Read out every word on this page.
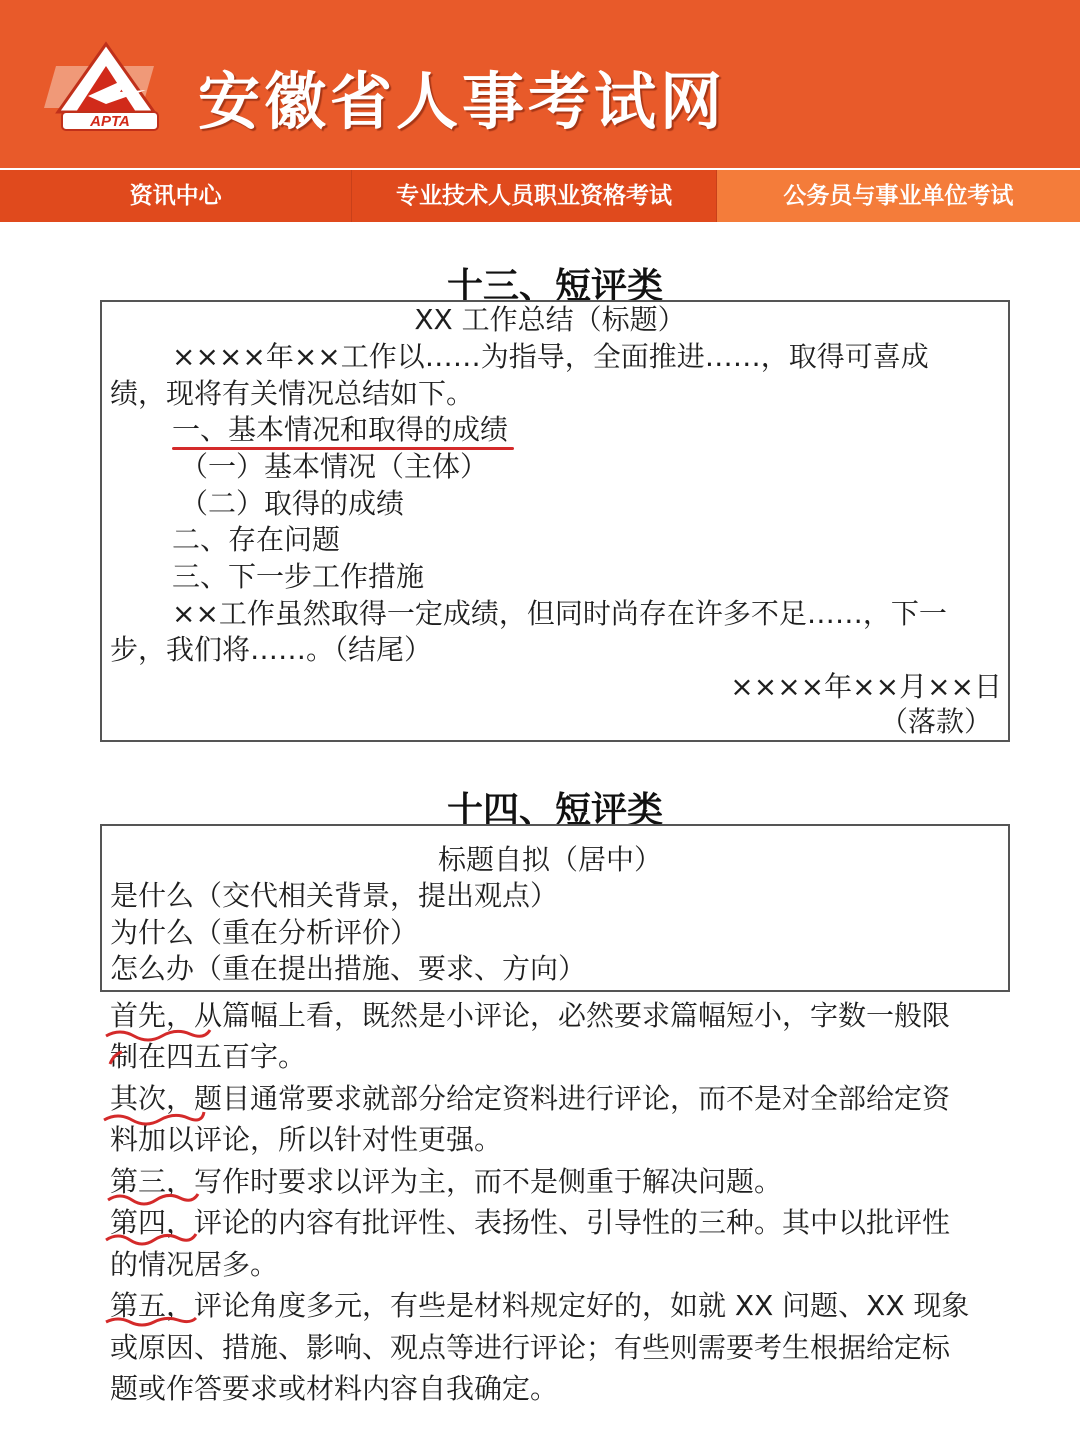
APTA 安徽省人事考试网
资讯中心	专业技术人员职业资格考试	公务员与事业单位考试
十三、短评类
XX 工作总结（标题）
××××年××工作以……为指导，全面推进……，取得可喜成
绩，现将有关情况总结如下。
一、基本情况和取得的成绩
（一）基本情况（主体）
（二）取得的成绩
二、存在问题
三、下一步工作措施
××工作虽然取得一定成绩，但同时尚存在许多不足……，下一
步，我们将……。（结尾）
××××年××月××日
（落款）
十四、短评类
标题自拟（居中）
是什么（交代相关背景，提出观点）
为什么（重在分析评价）
怎么办（重在提出措施、要求、方向）
首先，从篇幅上看，既然是小评论，必然要求篇幅短小，字数一般限
制在四五百字。
其次，题目通常要求就部分给定资料进行评论，而不是对全部给定资
料加以评论，所以针对性更强。
第三，写作时要求以评为主，而不是侧重于解决问题。
第四，评论的内容有批评性、表扬性、引导性的三种。其中以批评性
的情况居多。
第五，评论角度多元，有些是材料规定好的，如就 XX 问题、XX 现象
或原因、措施、影响、观点等进行评论；有些则需要考生根据给定标
题或作答要求或材料内容自我确定。
